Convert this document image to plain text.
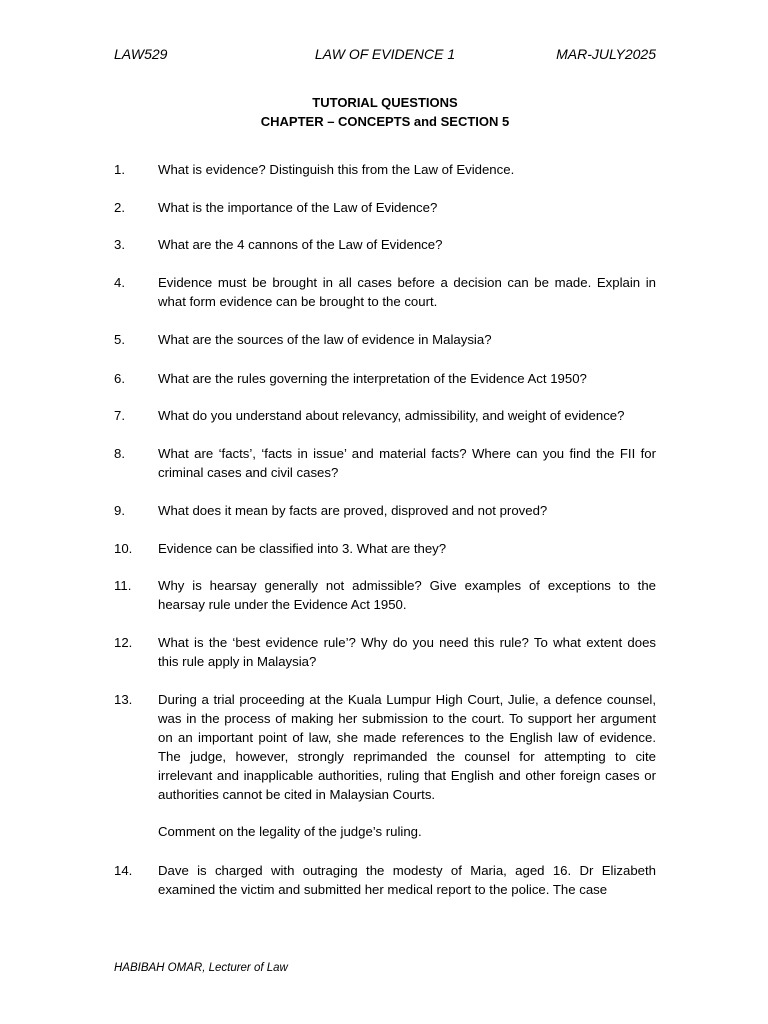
LAW529	LAW OF EVIDENCE 1	MAR-JULY2025
TUTORIAL QUESTIONS
CHAPTER – CONCEPTS and SECTION 5
1.	What is evidence? Distinguish this from the Law of Evidence.
2.	What is the importance of the Law of Evidence?
3.	What are the 4 cannons of the Law of Evidence?
4.	Evidence must be brought in all cases before a decision can be made. Explain in what form evidence can be brought to the court.
5.	What are the sources of the law of evidence in Malaysia?
6.	What are the rules governing the interpretation of the Evidence Act 1950?
7.	What do you understand about relevancy, admissibility, and weight of evidence?
8.	What are ‘facts’, ‘facts in issue’ and material facts? Where can you find the FII for criminal cases and civil cases?
9.	What does it mean by facts are proved, disproved and not proved?
10. Evidence can be classified into 3. What are they?
11. Why is hearsay generally not admissible? Give examples of exceptions to the hearsay rule under the Evidence Act 1950.
12. What is the ‘best evidence rule’? Why do you need this rule? To what extent does this rule apply in Malaysia?
13. During a trial proceeding at the Kuala Lumpur High Court, Julie, a defence counsel, was in the process of making her submission to the court. To support her argument on an important point of law, she made references to the English law of evidence. The judge, however, strongly reprimanded the counsel for attempting to cite irrelevant and inapplicable authorities, ruling that English and other foreign cases or authorities cannot be cited in Malaysian Courts.
Comment on the legality of the judge’s ruling.
14. Dave is charged with outraging the modesty of Maria, aged 16. Dr Elizabeth examined the victim and submitted her medical report to the police. The case
HABIBAH OMAR, Lecturer of Law
